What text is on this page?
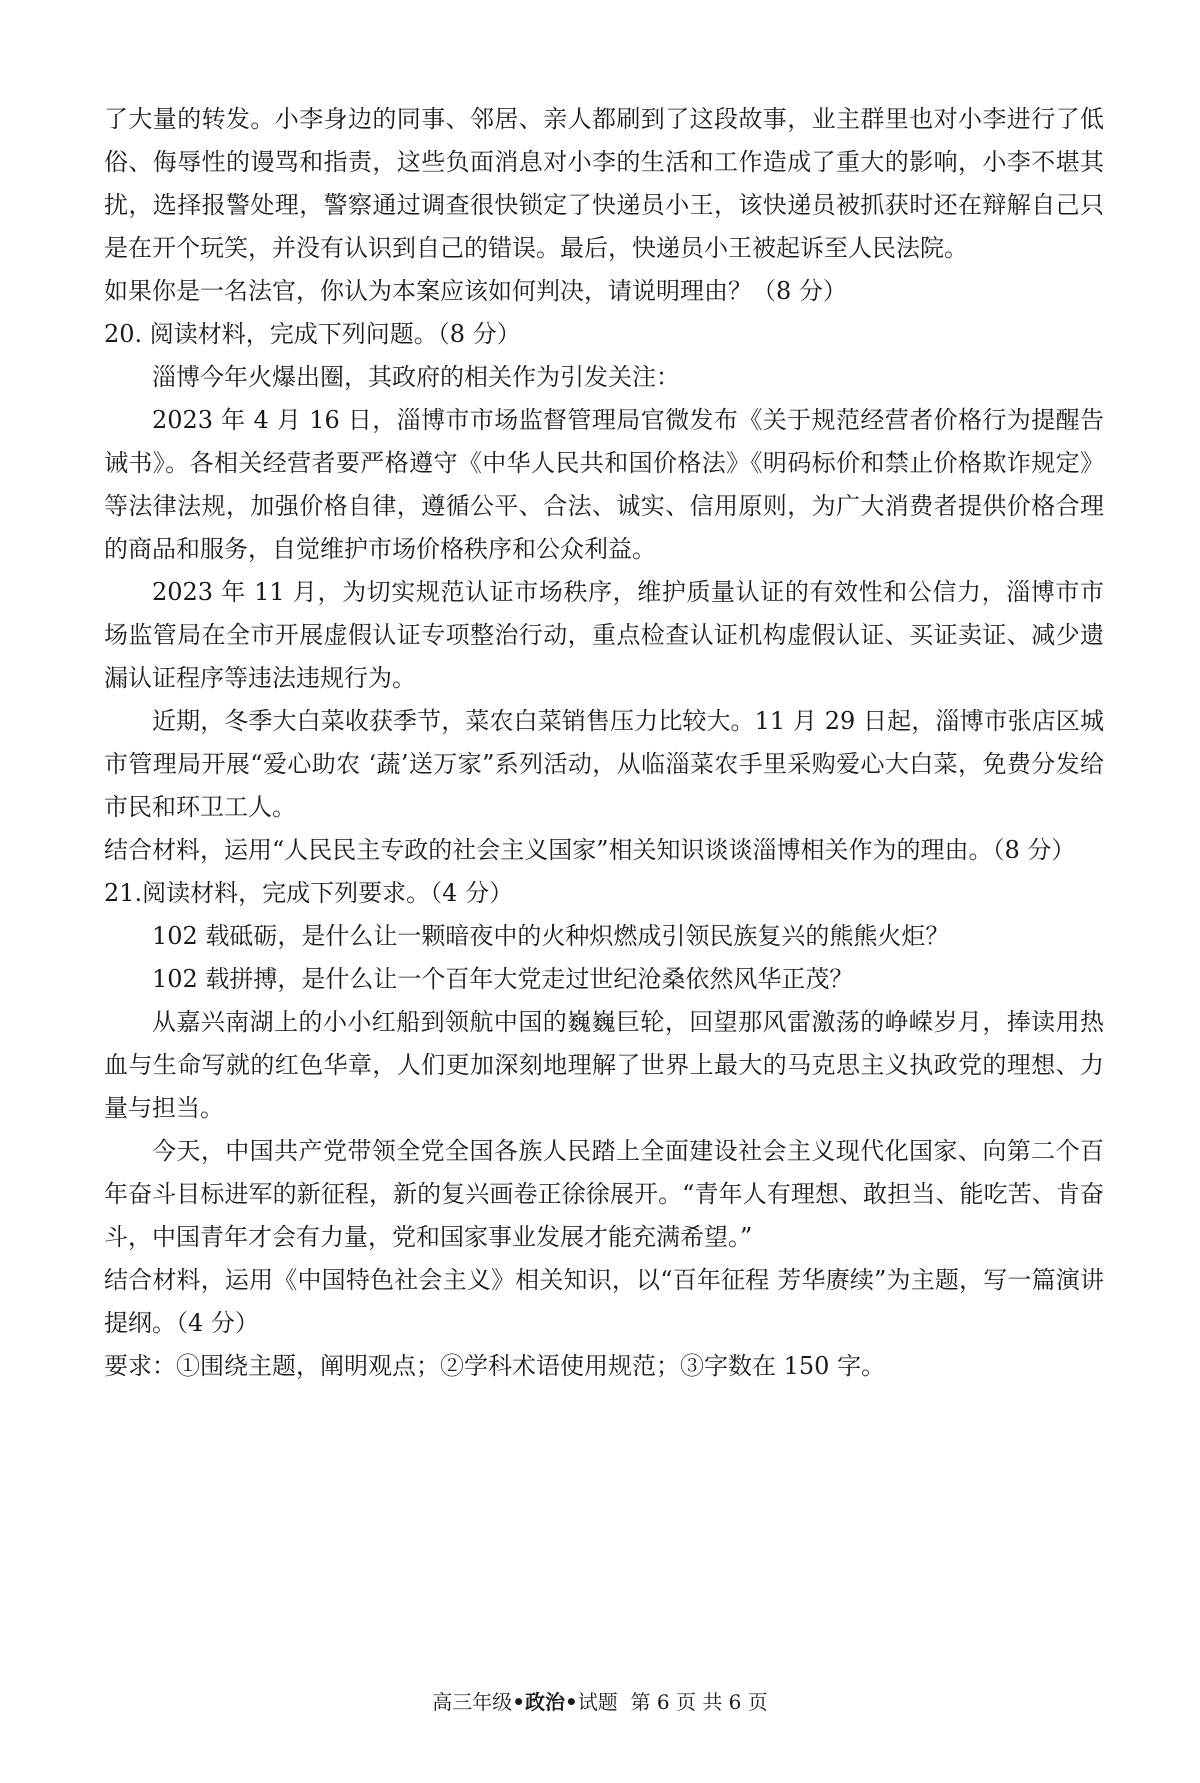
了大量的转发。小李身边的同事、邻居、亲人都刷到了这段故事，业主群里也对小李进行了低俗、侮辱性的谩骂和指责，这些负面消息对小李的生活和工作造成了重大的影响，小李不堪其扰，选择报警处理，警察通过调查很快锁定了快递员小王，该快递员被抓获时还在辩解自己只是在开个玩笑，并没有认识到自己的错误。最后，快递员小王被起诉至人民法院。

如果你是一名法官，你认为本案应该如何判决，请说明理由？（8 分）

20. 阅读材料，完成下列问题。（8 分）

淄博今年火爆出圈，其政府的相关作为引发关注：

2023 年 4 月 16 日，淄博市市场监督管理局官微发布《关于规范经营者价格行为提醒告诫书》。各相关经营者要严格遵守《中华人民共和国价格法》《明码标价和禁止价格欺诈规定》等法律法规，加强价格自律，遵循公平、合法、诚实、信用原则，为广大消费者提供价格合理的商品和服务，自觉维护市场价格秩序和公众利益。

2023 年 11 月，为切实规范认证市场秩序，维护质量认证的有效性和公信力，淄博市市场监管局在全市开展虚假认证专项整治行动，重点检查认证机构虚假认证、买证卖证、减少遗漏认证程序等违法违规行为。

近期，冬季大白菜收获季节，菜农白菜销售压力比较大。11 月 29 日起，淄博市张店区城市管理局开展“爱心助农 ‘蔬’送万家”系列活动，从临淄菜农手里采购爱心大白菜，免费分发给市民和环卫工人。

结合材料，运用“人民民主专政的社会主义国家”相关知识谈谈淄博相关作为的理由。（8 分）

21.阅读材料，完成下列要求。（4 分）

102 载砥砺，是什么让一颗暗夜中的火种炽燃成引领民族复兴的熊熊火炬？

102 载拼搏，是什么让一个百年大党走过世纪沧桑依然风华正茂？

从嘉兴南湖上的小小红船到领航中国的巍巍巨轮，回望那风雷激荡的峥嵘岁月，捧读用热血与生命写就的红色华章，人们更加深刻地理解了世界上最大的马克思主义执政党的理想、力量与担当。

今天，中国共产党带领全党全国各族人民踏上全面建设社会主义现代化国家、向第二个百年奋斗目标进军的新征程，新的复兴画卷正徐徐展开。“青年人有理想、敢担当、能吃苦、肯奋斗，中国青年才会有力量，党和国家事业发展才能充满希望。”

结合材料，运用《中国特色社会主义》相关知识，以“百年征程 芳华赓续”为主题，写一篇演讲提纲。（4 分）

要求：①围绕主题，阐明观点；②学科术语使用规范；③字数在 150 字。

高三年级•政治•试题 第 6 页 共 6 页
